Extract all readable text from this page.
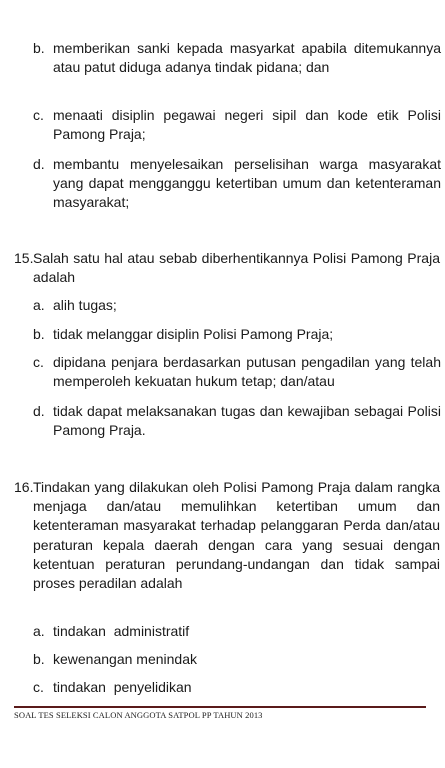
b. memberikan sanki kepada masyarkat apabila ditemukannya atau patut diduga adanya tindak pidana; dan

c. menaati disiplin pegawai negeri sipil dan kode etik Polisi Pamong Praja;

d. membantu menyelesaikan perselisihan warga masyarakat yang dapat mengganggu ketertiban umum dan ketenteraman masyarakat;

15.Salah satu hal atau sebab diberhentikannya Polisi Pamong Praja adalah

a. alih tugas;

b. tidak melanggar disiplin Polisi Pamong Praja;

c. dipidana penjara berdasarkan putusan pengadilan yang telah memperoleh kekuatan hukum tetap; dan/atau

d. tidak dapat melaksanakan tugas dan kewajiban sebagai Polisi Pamong Praja.

16.Tindakan yang dilakukan oleh Polisi Pamong Praja dalam rangka menjaga dan/atau memulihkan ketertiban umum dan ketenteraman masyarakat terhadap pelanggaran Perda dan/atau peraturan kepala daerah dengan cara yang sesuai dengan ketentuan peraturan perundang-undangan dan tidak sampai proses peradilan adalah

a. tindakan  administratif

b. kewenangan menindak

c. tindakan  penyelidikan

SOAL TES SELEKSI CALON ANGGOTA SATPOL PP TAHUN 2013
